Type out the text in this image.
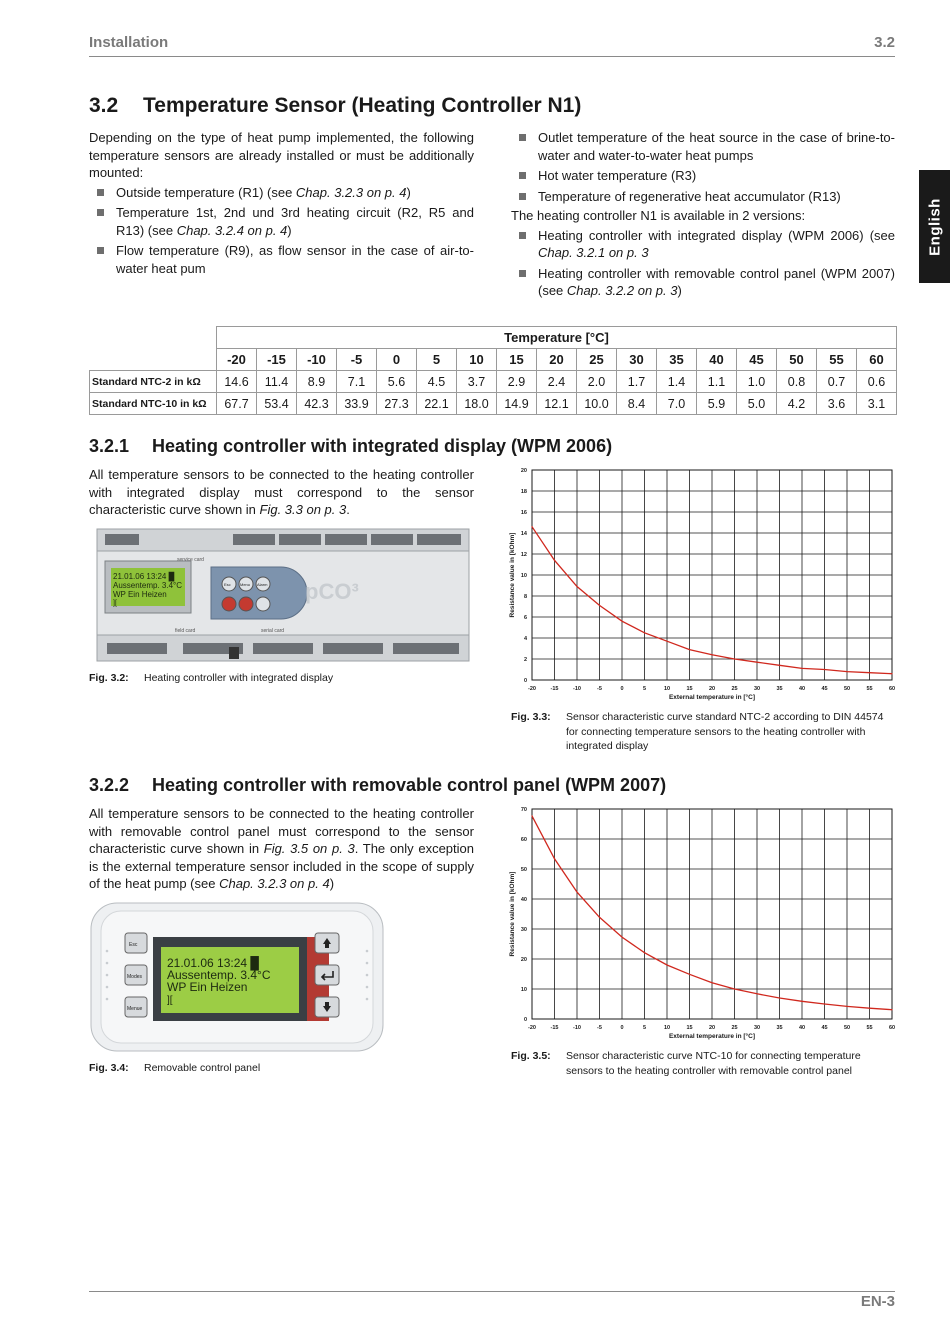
Installation	3.2
English
3.2 Temperature Sensor (Heating Controller N1)
Depending on the type of heat pump implemented, the following temperature sensors are already installed or must be additionally mounted:
Outside temperature (R1) (see Chap. 3.2.3 on p. 4)
Temperature 1st, 2nd und 3rd heating circuit (R2, R5 and R13) (see Chap. 3.2.4 on p. 4)
Flow temperature (R9), as flow sensor in the case of air-to-water heat pum
Outlet temperature of the heat source in the case of brine-to-water and water-to-water heat pumps
Hot water temperature (R3)
Temperature of regenerative heat accumulator (R13)
The heating controller N1 is available in 2 versions:
Heating controller with integrated display (WPM 2006) (see Chap. 3.2.1 on p. 3
Heating controller with removable control panel (WPM 2007) (see Chap. 3.2.2 on p. 3)
	Temperature [°C]																
	-20	-15	-10	-5	0	5	10	15	20	25	30	35	40	45	50	55	60
Standard NTC-2 in kΩ	14.6	11.4	8.9	7.1	5.6	4.5	3.7	2.9	2.4	2.0	1.7	1.4	1.1	1.0	0.8	0.7	0.6
Standard NTC-10 in kΩ	67.7	53.4	42.3	33.9	27.3	22.1	18.0	14.9	12.1	10.0	8.4	7.0	5.9	5.0	4.2	3.6	3.1
3.2.1 Heating controller with integrated display (WPM 2006)
All temperature sensors to be connected to the heating controller with integrated display must correspond to the sensor characteristic curve shown in Fig. 3.3 on p. 3.
21.01.06 13:24 █
Aussentemp. 3.4°C
WP Ein Heizen
][
service card
field card	serial card
Esc Menu Alarm pCO³
Fig. 3.2: Heating controller with integrated display
-20	-15	-10	-5	0	5	10	15	20	25	30	35	40	45	50	55	60
0
2
4
6
8
10
12
14
16
18
20
External temperature in [°C]
Resistance value in [kOhm]
Fig. 3.3: Sensor characteristic curve standard NTC-2 according to DIN 44574 for connecting temperature sensors to the heating controller with integrated display
3.2.2 Heating controller with removable control panel (WPM 2007)
All temperature sensors to be connected to the heating controller with removable control panel must correspond to the sensor characteristic curve shown in Fig. 3.5 on p. 3. The only exception is the external temperature sensor included in the scope of supply of the heat pump (see Chap. 3.2.3 on p. 4)
Esc
Modes
Menue
21.01.06 13:24 █
Aussentemp. 3.4°C
WP Ein Heizen
][
Fig. 3.4: Removable control panel
-20	-15	-10	-5	0	5	10	15	20	25	30	35	40	45	50	55	60
0
10
20
30
40
50
60
70
External temperature in [°C]
Resistance value in [kOhm]
Fig. 3.5: Sensor characteristic curve NTC-10 for connecting temperature sensors to the heating controller with removable control panel
EN-3
